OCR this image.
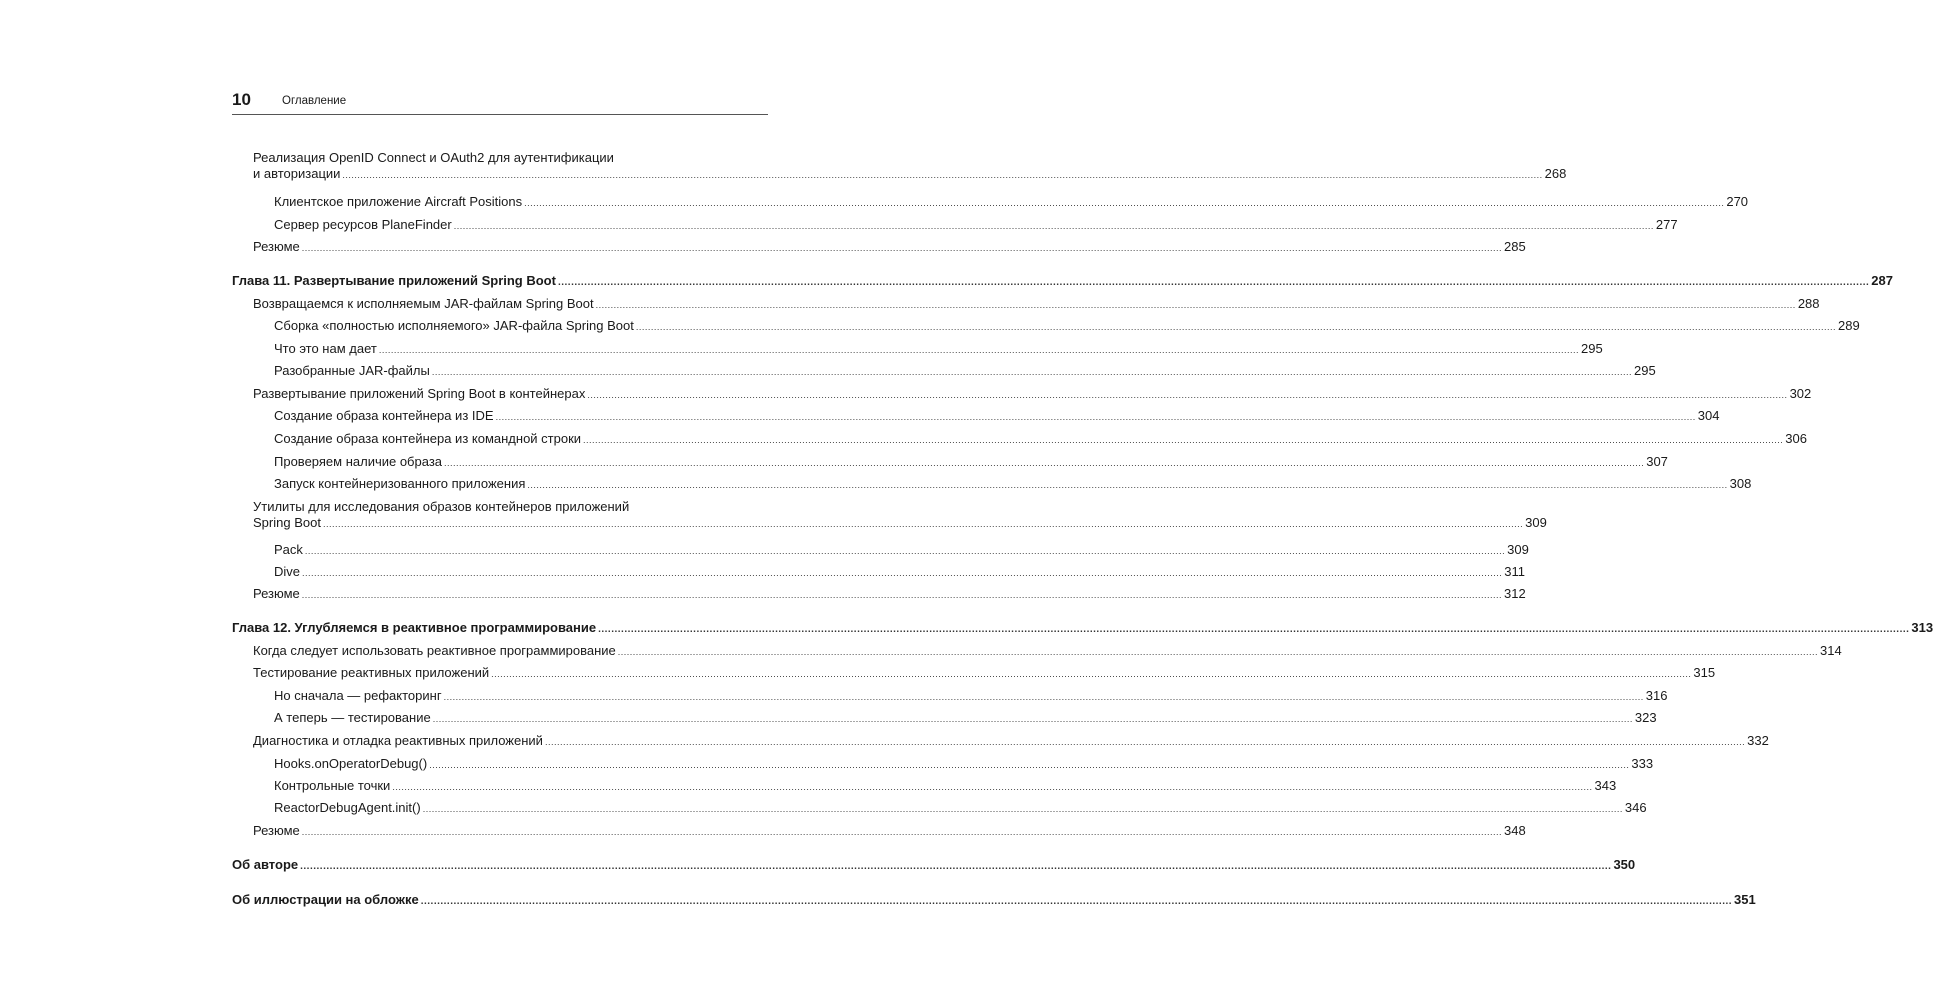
10	Оглавление
Реализация OpenID Connect и OAuth2 для аутентификации
и авторизации ................................................................................................................................................................................................................................................................................................................................................................................................................ 268
Клиентское приложение Aircraft Positions ................................................................................................................................................................................................................................................................................................................................................................................................................ 270
Сервер ресурсов PlaneFinder ................................................................................................................................................................................................................................................................................................................................................................................................................ 277
Резюме ................................................................................................................................................................................................................................................................................................................................................................................................................ 285
Глава 11. Развертывание приложений Spring Boot ................................................................................................................................................................................................................................................................................................................................................................................................................ 287
Возвращаемся к исполняемым JAR-файлам Spring Boot ................................................................................................................................................................................................................................................................................................................................................................................................................ 288
Сборка «полностью исполняемого» JAR-файла Spring Boot ................................................................................................................................................................................................................................................................................................................................................................................................................ 289
Что это нам дает ................................................................................................................................................................................................................................................................................................................................................................................................................ 295
Разобранные JAR-файлы ................................................................................................................................................................................................................................................................................................................................................................................................................ 295
Развертывание приложений Spring Boot в контейнерах ................................................................................................................................................................................................................................................................................................................................................................................................................ 302
Создание образа контейнера из IDE ................................................................................................................................................................................................................................................................................................................................................................................................................ 304
Создание образа контейнера из командной строки ................................................................................................................................................................................................................................................................................................................................................................................................................ 306
Проверяем наличие образа ................................................................................................................................................................................................................................................................................................................................................................................................................ 307
Запуск контейнеризованного приложения ................................................................................................................................................................................................................................................................................................................................................................................................................ 308
Утилиты для исследования образов контейнеров приложений
Spring Boot ................................................................................................................................................................................................................................................................................................................................................................................................................ 309
Pack ................................................................................................................................................................................................................................................................................................................................................................................................................ 309
Dive ................................................................................................................................................................................................................................................................................................................................................................................................................ 311
Резюме ................................................................................................................................................................................................................................................................................................................................................................................................................ 312
Глава 12. Углубляемся в реактивное программирование ................................................................................................................................................................................................................................................................................................................................................................................................................ 313
Когда следует использовать реактивное программирование ................................................................................................................................................................................................................................................................................................................................................................................................................ 314
Тестирование реактивных приложений ................................................................................................................................................................................................................................................................................................................................................................................................................ 315
Но сначала — рефакторинг ................................................................................................................................................................................................................................................................................................................................................................................................................ 316
А теперь — тестирование ................................................................................................................................................................................................................................................................................................................................................................................................................ 323
Диагностика и отладка реактивных приложений ................................................................................................................................................................................................................................................................................................................................................................................................................ 332
Hooks.onOperatorDebug() ................................................................................................................................................................................................................................................................................................................................................................................................................ 333
Контрольные точки ................................................................................................................................................................................................................................................................................................................................................................................................................ 343
ReactorDebugAgent.init() ................................................................................................................................................................................................................................................................................................................................................................................................................ 346
Резюме ................................................................................................................................................................................................................................................................................................................................................................................................................ 348
Об авторе ................................................................................................................................................................................................................................................................................................................................................................................................................ 350
Об иллюстрации на обложке ................................................................................................................................................................................................................................................................................................................................................................................................................ 351
